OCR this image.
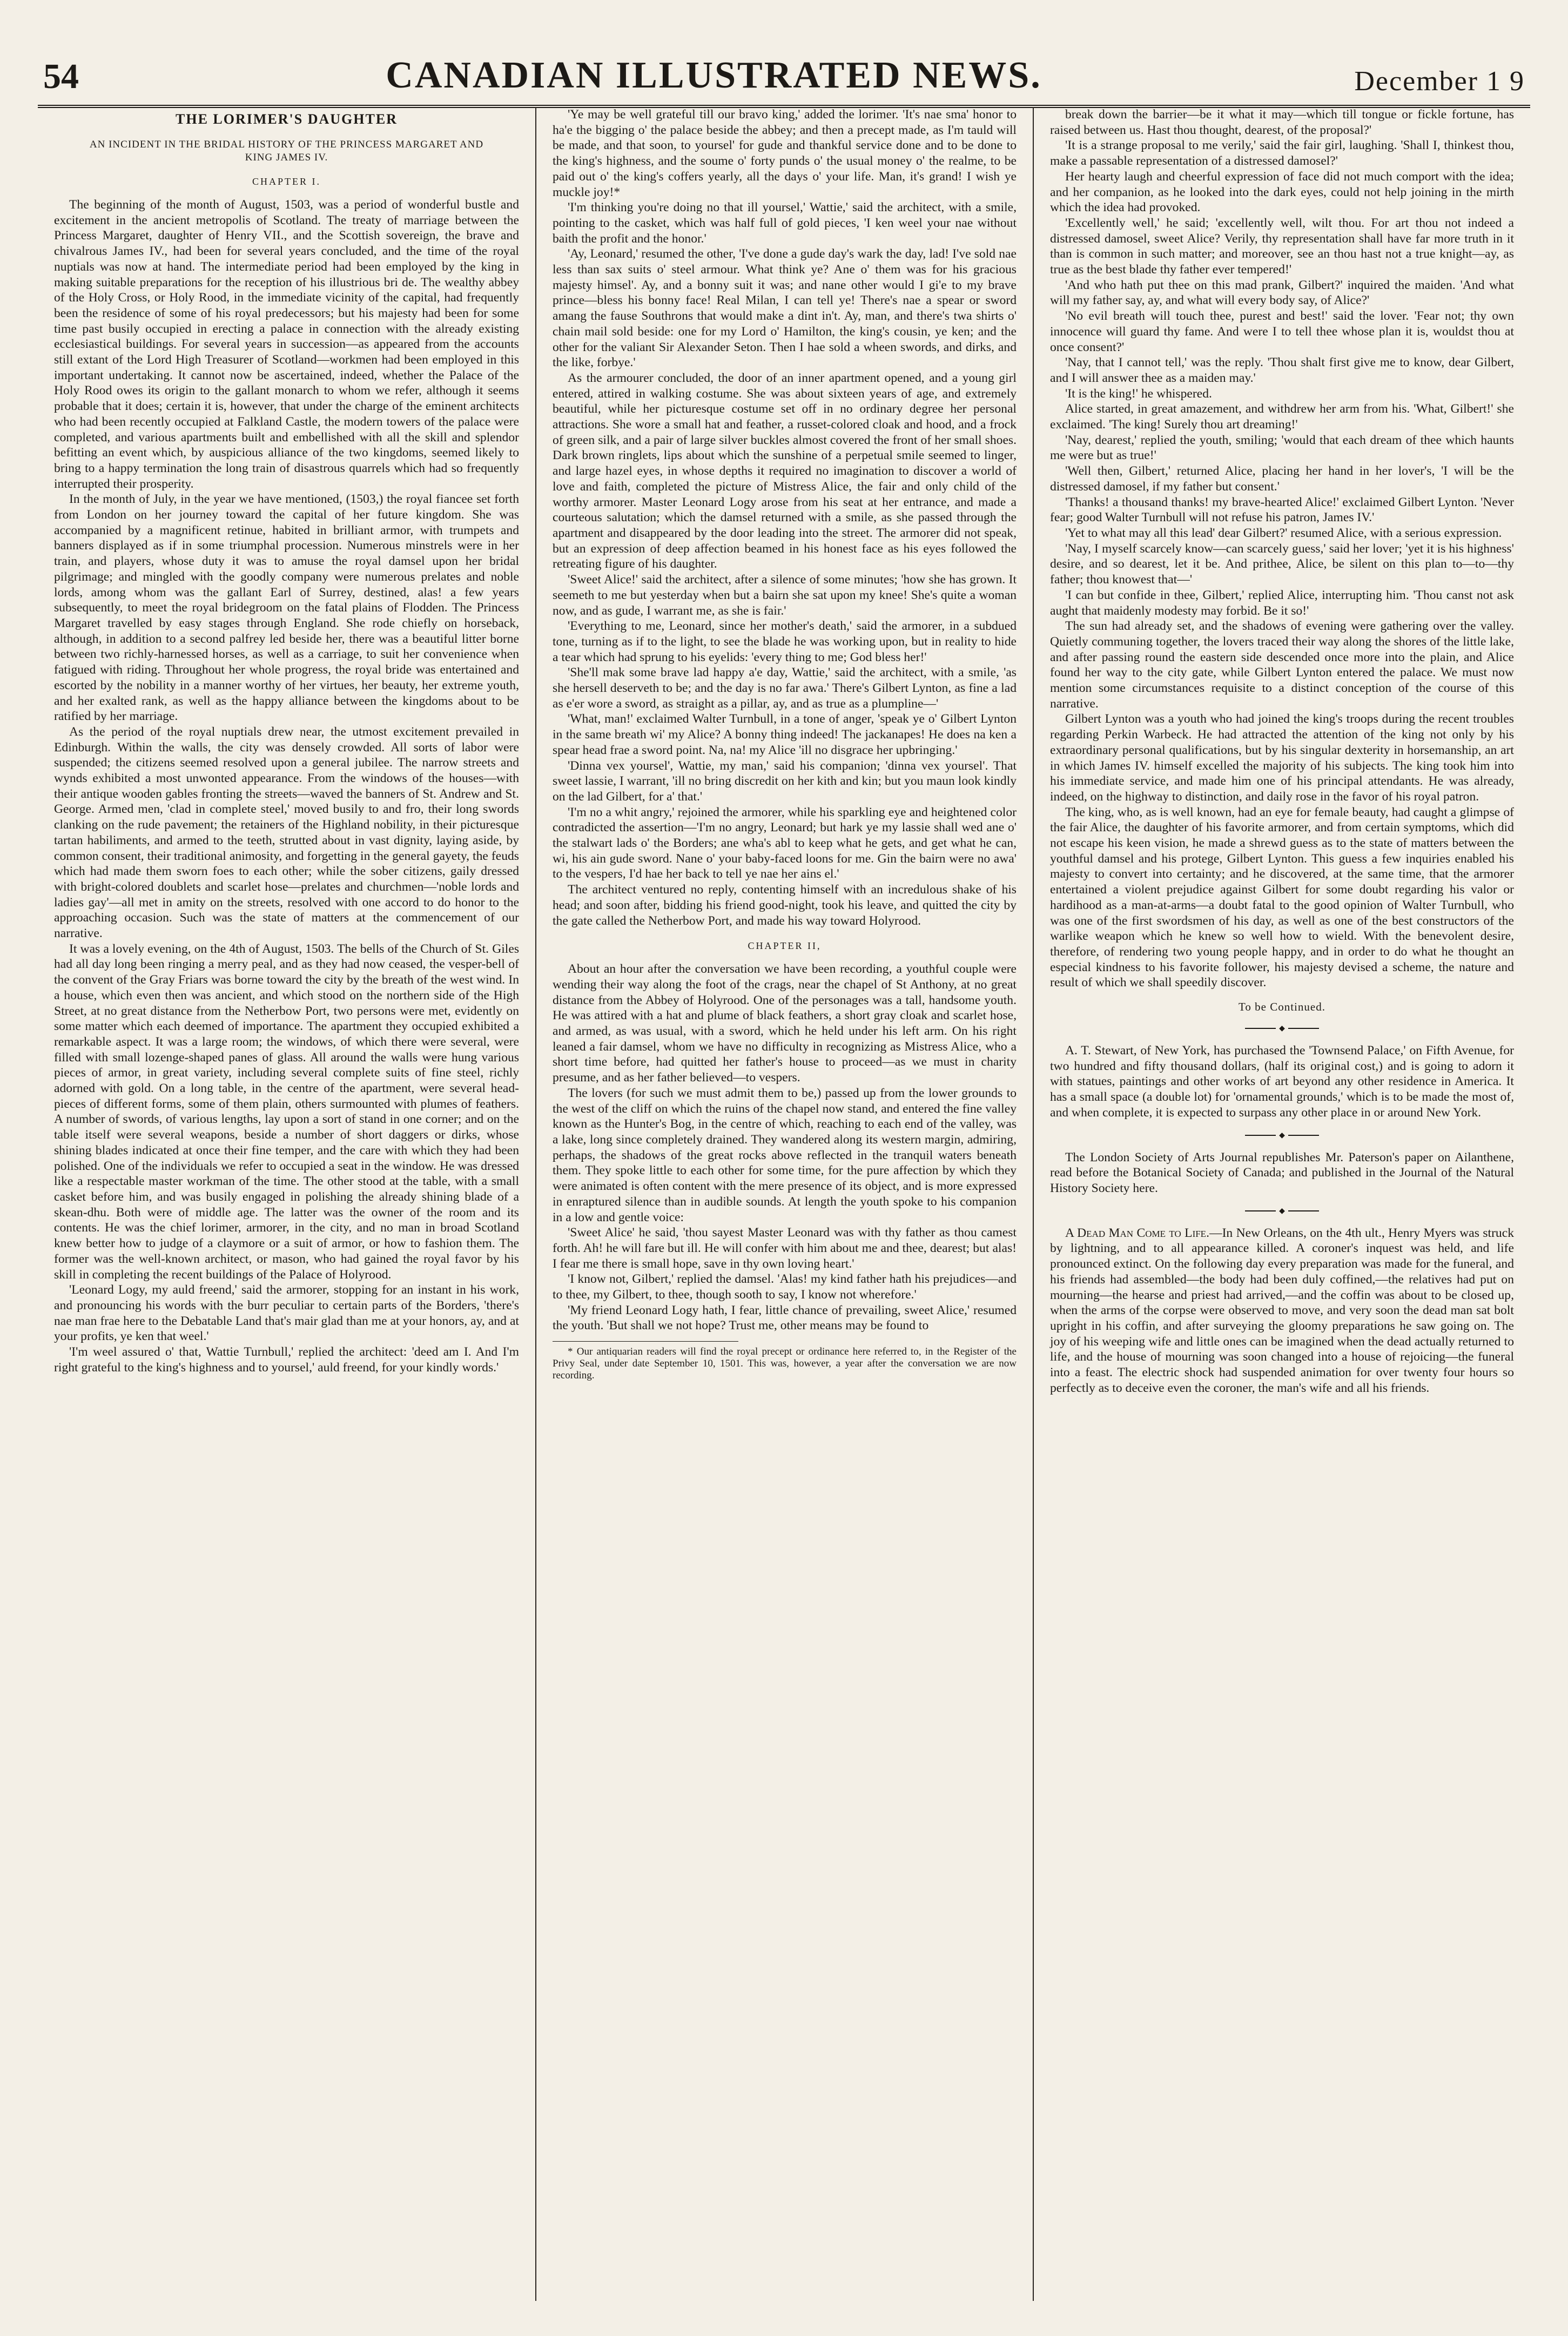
54	CANADIAN ILLUSTRATED NEWS.	December 1 9
THE LORIMER'S DAUGHTER
AN INCIDENT IN THE BRIDAL HISTORY OF THE PRINCESS MARGARET AND KING JAMES IV.
CHAPTER I.

The beginning of the month of August, 1503, was a period of wonderful bustle and excitement in the ancient metropolis of Scotland. The treaty of marriage between the Princess Margaret, daughter of Henry VII., and the Scottish sovereign, the brave and chivalrous James IV., had been for several years concluded, and the time of the royal nuptials was now at hand. The intermediate period had been employed by the king in making suitable preparations for the reception of his illustrious bri de. The wealthy abbey of the Holy Cross, or Holy Rood, in the immediate vicinity of the capital, had frequently been the residence of some of his royal predecessors; but his majesty had been for some time past busily occupied in erecting a palace in connection with the already existing ecclesiastical buildings. For several years in succession—as appeared from the accounts still extant of the Lord High Treasurer of Scotland—workmen had been employed in this important undertaking. It cannot now be ascertained, indeed, whether the Palace of the Holy Rood owes its origin to the gallant monarch to whom we refer, although it seems probable that it does; certain it is, however, that under the charge of the eminent architects who had been recently occupied at Falkland Castle, the modern towers of the palace were completed, and various apartments built and embellished with all the skill and splendor befitting an event which, by auspicious alliance of the two kingdoms, seemed likely to bring to a happy termination the long train of disastrous quarrels which had so frequently interrupted their prosperity.

In the month of July, in the year we have mentioned, (1503,) the royal fiancee set forth from London on her journey toward the capital of her future kingdom. She was accompanied by a magnificent retinue, habited in brilliant armor, with trumpets and banners displayed as if in some triumphal procession. Numerous minstrels were in her train, and players, whose duty it was to amuse the royal damsel upon her bridal pilgrimage; and mingled with the goodly company were numerous prelates and noble lords, among whom was the gallant Earl of Surrey, destined, alas! a few years subsequently, to meet the royal bridegroom on the fatal plains of Flodden. The Princess Margaret travelled by easy stages through England. She rode chiefly on horseback, although, in addition to a second palfrey led beside her, there was a beautiful litter borne between two richly-harnessed horses, as well as a carriage, to suit her convenience when fatigued with riding. Throughout her whole progress, the royal bride was entertained and escorted by the nobility in a manner worthy of her virtues, her beauty, her extreme youth, and her exalted rank, as well as the happy alliance between the kingdoms about to be ratified by her marriage.

As the period of the royal nuptials drew near, the utmost excitement prevailed in Edinburgh. Within the walls, the city was densely crowded. All sorts of labor were suspended; the citizens seemed resolved upon a general jubilee. The narrow streets and wynds exhibited a most unwonted appearance. From the windows of the houses—with their antique wooden gables fronting the streets—waved the banners of St. Andrew and St. George. Armed men, 'clad in complete steel,' moved busily to and fro, their long swords clanking on the rude pavement; the retainers of the Highland nobility, in their picturesque tartan habiliments, and armed to the teeth, strutted about in vast dignity, laying aside, by common consent, their traditional animosity, and forgetting in the general gayety, the feuds which had made them sworn foes to each other; while the sober citizens, gaily dressed with bright-colored doublets and scarlet hose—prelates and churchmen—'noble lords and ladies gay'—all met in amity on the streets, resolved with one accord to do honor to the approaching occasion. Such was the state of matters at the commencement of our narrative.

It was a lovely evening, on the 4th of August, 1503. The bells of the Church of St. Giles had all day long been ringing a merry peal, and as they had now ceased, the vesper-bell of the convent of the Gray Friars was borne toward the city by the breath of the west wind. In a house, which even then was ancient, and which stood on the northern side of the High Street, at no great distance from the Netherbow Port, two persons were met, evidently on some matter which each deemed of importance. The apartment they occupied exhibited a remarkable aspect. It was a large room; the windows, of which there were several, were filled with small lozenge-shaped panes of glass. All around the walls were hung various pieces of armor, in great variety, including several complete suits of fine steel, richly adorned with gold. On a long table, in the centre of the apartment, were several head-pieces of different forms, some of them plain, others surmounted with plumes of feathers. A number of swords, of various lengths, lay upon a sort of stand in one corner; and on the table itself were several weapons, beside a number of short daggers or dirks, whose shining blades indicated at once their fine temper, and the care with which they had been polished. One of the individuals we refer to occupied a seat in the window. He was dressed like a respectable master workman of the time. The other stood at the table, with a small casket before him, and was busily engaged in polishing the already shining blade of a skean-dhu. Both were of middle age. The latter was the owner of the room and its contents. He was the chief lorimer, armorer, in the city, and no man in broad Scotland knew better how to judge of a claymore or a suit of armor, or how to fashion them. The former was the well-known architect, or mason, who had gained the royal favor by his skill in completing the recent buildings of the Palace of Holyrood.

'Leonard Logy, my auld freend,' said the armorer, stopping for an instant in his work, and pronouncing his words with the burr peculiar to certain parts of the Borders, 'there's nae man frae here to the Debatable Land that's mair glad than me at your honors, ay, and at your profits, ye ken that weel.'

'I'm weel assured o' that, Wattie Turnbull,' replied the architect: 'deed am I. And I'm right grateful to the king's highness and to yoursel,' auld freend, for your kindly words.'

'Ye may be well grateful till our bravo king,' added the lorimer. 'It's nae sma' honor to ha'e the bigging o' the palace beside the abbey; and then a precept made, as I'm tauld will be made, and that soon, to yoursel' for gude and thankful service done and to be done to the king's highness, and the soume o' forty punds o' the usual money o' the realme, to be paid out o' the king's coffers yearly, all the days o' your life. Man, it's grand! I wish ye muckle joy!*

'I'm thinking you're doing no that ill yoursel,' Wattie,' said the architect, with a smile, pointing to the casket, which was half full of gold pieces, 'I ken weel your nae without baith the profit and the honor.'

'Ay, Leonard,' resumed the other, 'I've done a gude day's wark the day, lad! I've sold nae less than sax suits o' steel armour. What think ye? Ane o' them was for his gracious majesty himsel'. Ay, and a bonny suit it was; and nane other would I gi'e to my brave prince—bless his bonny face! Real Milan, I can tell ye! There's nae a spear or sword amang the fause Southrons that would make a dint in't. Ay, man, and there's twa shirts o' chain mail sold beside: one for my Lord o' Hamilton, the king's cousin, ye ken; and the other for the valiant Sir Alexander Seton. Then I hae sold a wheen swords, and dirks, and the like, forbye.'

As the armourer concluded, the door of an inner apartment opened, and a young girl entered, attired in walking costume. She was about sixteen years of age, and extremely beautiful, while her picturesque costume set off in no ordinary degree her personal attractions. She wore a small hat and feather, a russet-colored cloak and hood, and a frock of green silk, and a pair of large silver buckles almost covered the front of her small shoes. Dark brown ringlets, lips about which the sunshine of a perpetual smile seemed to linger, and large hazel eyes, in whose depths it required no imagination to discover a world of love and faith, completed the picture of Mistress Alice, the fair and only child of the worthy armorer. Master Leonard Logy arose from his seat at her entrance, and made a courteous salutation; which the damsel returned with a smile, as she passed through the apartment and disappeared by the door leading into the street. The armorer did not speak, but an expression of deep affection beamed in his honest face as his eyes followed the retreating figure of his daughter.

'Sweet Alice!' said the architect, after a silence of some minutes; 'how she has grown. It seemeth to me but yesterday when but a bairn she sat upon my knee! She's quite a woman now, and as gude, I warrant me, as she is fair.'

'Everything to me, Leonard, since her mother's death,' said the armorer, in a subdued tone, turning as if to the light, to see the blade he was working upon, but in reality to hide a tear which had sprung to his eyelids: 'every thing to me; God bless her!'

'She'll mak some brave lad happy a'e day, Wattie,' said the architect, with a smile, 'as she hersell deserveth to be; and the day is no far awa.' There's Gilbert Lynton, as fine a lad as e'er wore a sword, as straight as a pillar, ay, and as true as a plumpline—'

'What, man!' exclaimed Walter Turnbull, in a tone of anger, 'speak ye o' Gilbert Lynton in the same breath wi' my Alice? A bonny thing indeed! The jackanapes! He does na ken a spear head frae a sword point. Na, na! my Alice 'ill no disgrace her upbringing.'

'Dinna vex yoursel', Wattie, my man,' said his companion; 'dinna vex yoursel'. That sweet lassie, I warrant, 'ill no bring discredit on her kith and kin; but you maun look kindly on the lad Gilbert, for a' that.'

'I'm no a whit angry,' rejoined the armorer, while his sparkling eye and heightened color contradicted the assertion—'I'm no angry, Leonard; but hark ye my lassie shall wed ane o' the stalwart lads o' the Borders; ane wha's abl to keep what he gets, and get what he can, wi, his ain gude sword. Nane o' your baby-faced loons for me. Gin the bairn were no awa' to the vespers, I'd hae her back to tell ye nae her ains el.'

The architect ventured no reply, contenting himself with an incredulous shake of his head; and soon after, bidding his friend good-night, took his leave, and quitted the city by the gate called the Netherbow Port, and made his way toward Holyrood.

CHAPTER II,

About an hour after the conversation we have been recording, a youthful couple were wending their way along the foot of the crags, near the chapel of St Anthony, at no great distance from the Abbey of Holyrood. One of the personages was a tall, handsome youth. He was attired with a hat and plume of black feathers, a short gray cloak and scarlet hose, and armed, as was usual, with a sword, which he held under his left arm. On his right leaned a fair damsel, whom we have no difficulty in recognizing as Mistress Alice, who a short time before, had quitted her father's house to proceed—as we must in charity presume, and as her father believed—to vespers.

The lovers (for such we must admit them to be,) passed up from the lower grounds to the west of the cliff on which the ruins of the chapel now stand, and entered the fine valley known as the Hunter's Bog, in the centre of which, reaching to each end of the valley, was a lake, long since completely drained. They wandered along its western margin, admiring, perhaps, the shadows of the great rocks above reflected in the tranquil waters beneath them. They spoke little to each other for some time, for the pure affection by which they were animated is often content with the mere presence of its object, and is more expressed in enraptured silence than in audible sounds. At length the youth spoke to his companion in a low and gentle voice:

'Sweet Alice' he said, 'thou sayest Master Leonard was with thy father as thou camest forth. Ah! he will fare but ill. He will confer with him about me and thee, dearest; but alas! I fear me there is small hope, save in thy own loving heart.'

'I know not, Gilbert,' replied the damsel. 'Alas! my kind father hath his prejudices—and to thee, my Gilbert, to thee, though sooth to say, I know not wherefore.'

'My friend Leonard Logy hath, I fear, little chance of prevailing, sweet Alice,' resumed the youth. 'But shall we not hope? Trust me, other means may be found to

* Our antiquarian readers will find the royal precept or ordinance here referred to, in the Register of the Privy Seal, under date September 10, 1501. This was, however, a year after the conversation we are now recording.

break down the barrier—be it what it may—which till tongue or fickle fortune, has raised between us. Hast thou thought, dearest, of the proposal?'

'It is a strange proposal to me verily,' said the fair girl, laughing. 'Shall I, thinkest thou, make a passable representation of a distressed damosel?'

Her hearty laugh and cheerful expression of face did not much comport with the idea; and her companion, as he looked into the dark eyes, could not help joining in the mirth which the idea had provoked.

'Excellently well,' he said; 'excellently well, wilt thou. For art thou not indeed a distressed damosel, sweet Alice? Verily, thy representation shall have far more truth in it than is common in such matter; and moreover, see an thou hast not a true knight—ay, as true as the best blade thy father ever tempered!'

'And who hath put thee on this mad prank, Gilbert?' inquired the maiden. 'And what will my father say, ay, and what will every body say, of Alice?'

'No evil breath will touch thee, purest and best!' said the lover. 'Fear not; thy own innocence will guard thy fame. And were I to tell thee whose plan it is, wouldst thou at once consent?'

'Nay, that I cannot tell,' was the reply. 'Thou shalt first give me to know, dear Gilbert, and I will answer thee as a maiden may.'

'It is the king!' he whispered.

Alice started, in great amazement, and withdrew her arm from his. 'What, Gilbert!' she exclaimed. 'The king! Surely thou art dreaming!'

'Nay, dearest,' replied the youth, smiling; 'would that each dream of thee which haunts me were but as true!'

'Well then, Gilbert,' returned Alice, placing her hand in her lover's, 'I will be the distressed damosel, if my father but consent.'

'Thanks! a thousand thanks! my brave-hearted Alice!' exclaimed Gilbert Lynton. 'Never fear; good Walter Turnbull will not refuse his patron, James IV.'

'Yet to what may all this lead' dear Gilbert?' resumed Alice, with a serious expression.

'Nay, I myself scarcely know—can scarcely guess,' said her lover; 'yet it is his highness' desire, and so dearest, let it be. And prithee, Alice, be silent on this plan to—to—thy father; thou knowest that—'

'I can but confide in thee, Gilbert,' replied Alice, interrupting him. 'Thou canst not ask aught that maidenly modesty may forbid. Be it so!'

The sun had already set, and the shadows of evening were gathering over the valley. Quietly communing together, the lovers traced their way along the shores of the little lake, and after passing round the eastern side descended once more into the plain, and Alice found her way to the city gate, while Gilbert Lynton entered the palace. We must now mention some circumstances requisite to a distinct conception of the course of this narrative.

Gilbert Lynton was a youth who had joined the king's troops during the recent troubles regarding Perkin Warbeck. He had attracted the attention of the king not only by his extraordinary personal qualifications, but by his singular dexterity in horsemanship, an art in which James IV. himself excelled the majority of his subjects. The king took him into his immediate service, and made him one of his principal attendants. He was already, indeed, on the highway to distinction, and daily rose in the favor of his royal patron.

The king, who, as is well known, had an eye for female beauty, had caught a glimpse of the fair Alice, the daughter of his favorite armorer, and from certain symptoms, which did not escape his keen vision, he made a shrewd guess as to the state of matters between the youthful damsel and his protege, Gilbert Lynton. This guess a few inquiries enabled his majesty to convert into certainty; and he discovered, at the same time, that the armorer entertained a violent prejudice against Gilbert for some doubt regarding his valor or hardihood as a man-at-arms—a doubt fatal to the good opinion of Walter Turnbull, who was one of the first swordsmen of his day, as well as one of the best constructors of the warlike weapon which he knew so well how to wield. With the benevolent desire, therefore, of rendering two young people happy, and in order to do what he thought an especial kindness to his favorite follower, his majesty devised a scheme, the nature and result of which we shall speedily discover.

To be Continued.
◆

A. T. Stewart, of New York, has purchased the 'Townsend Palace,' on Fifth Avenue, for two hundred and fifty thousand dollars, (half its original cost,) and is going to adorn it with statues, paintings and other works of art beyond any other residence in America. It has a small space (a double lot) for 'ornamental grounds,' which is to be made the most of, and when complete, it is expected to surpass any other place in or around New York.

◆

The London Society of Arts Journal republishes Mr. Paterson's paper on Ailanthene, read before the Botanical Society of Canada; and published in the Journal of the Natural History Society here.

◆

A Dead Man Come to Life.—In New Orleans, on the 4th ult., Henry Myers was struck by lightning, and to all appearance killed. A coroner's inquest was held, and life pronounced extinct. On the following day every preparation was made for the funeral, and his friends had assembled—the body had been duly coffined,—the relatives had put on mourning—the hearse and priest had arrived,—and the coffin was about to be closed up, when the arms of the corpse were observed to move, and very soon the dead man sat bolt upright in his coffin, and after surveying the gloomy preparations he saw going on. The joy of his weeping wife and little ones can be imagined when the dead actually returned to life, and the house of mourning was soon changed into a house of rejoicing—the funeral into a feast. The electric shock had suspended animation for over twenty four hours so perfectly as to deceive even the coroner, the man's wife and all his friends.
